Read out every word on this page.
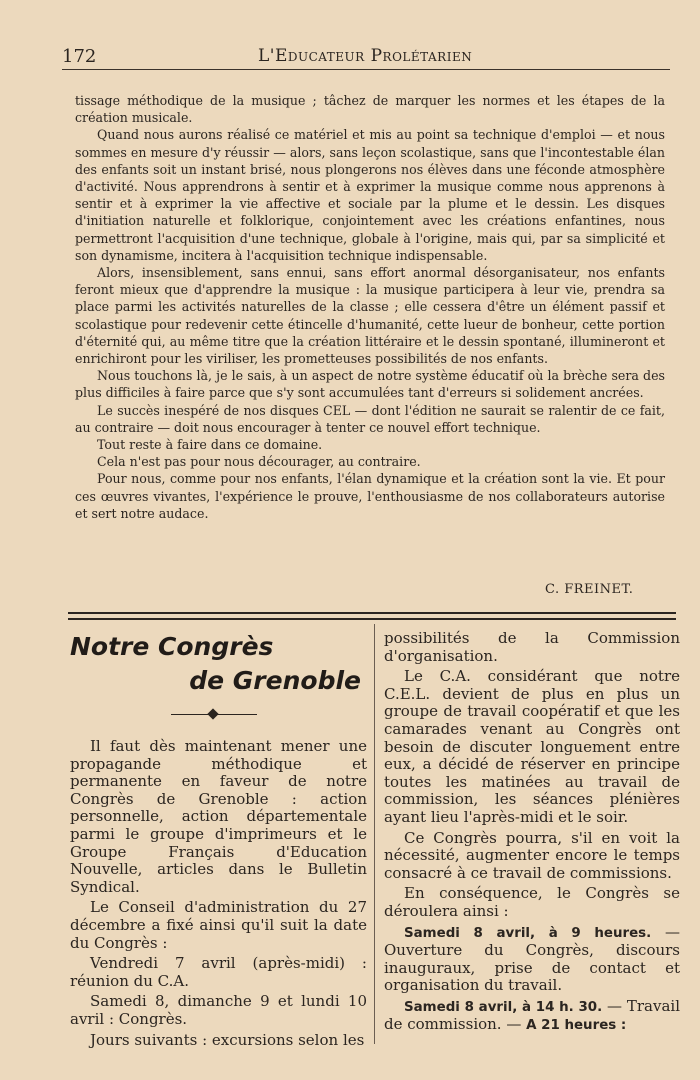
172	L'Educateur Prolétarien

tissage méthodique de la musique ; tâchez de marquer les normes et les étapes de la création musicale.

Quand nous aurons réalisé ce matériel et mis au point sa technique d'emploi — et nous sommes en mesure d'y réussir — alors, sans leçon scolastique, sans que l'incontestable élan des enfants soit un instant brisé, nous plongerons nos élèves dans une féconde atmosphère d'activité. Nous apprendrons à sentir et à exprimer la musique comme nous apprenons à sentir et à exprimer la vie affective et sociale par la plume et le dessin. Les disques d'initiation naturelle et folklorique, conjointement avec les créations enfantines, nous permettront l'acquisition d'une technique, globale à l'origine, mais qui, par sa simplicité et son dynamisme, incitera à l'acquisition technique indispensable.

Alors, insensiblement, sans ennui, sans effort anormal désorganisateur, nos enfants feront mieux que d'apprendre la musique : la musique participera à leur vie, prendra sa place parmi les activités naturelles de la classe ; elle cessera d'être un élément passif et scolastique pour redevenir cette étincelle d'humanité, cette lueur de bonheur, cette portion d'éternité qui, au même titre que la création littéraire et le dessin spontané, illumineront et enrichiront pour les viriliser, les prometteuses possibilités de nos enfants.

Nous touchons là, je le sais, à un aspect de notre système éducatif où la brèche sera des plus difficiles à faire parce que s'y sont accumulées tant d'erreurs si solidement ancrées.

Le succès inespéré de nos disques CEL — dont l'édition ne saurait se ralentir de ce fait, au contraire — doit nous encourager à tenter ce nouvel effort technique.

Tout reste à faire dans ce domaine.

Cela n'est pas pour nous décourager, au contraire.

Pour nous, comme pour nos enfants, l'élan dynamique et la création sont la vie. Et pour ces œuvres vivantes, l'expérience le prouve, l'enthousiasme de nos collaborateurs autorise et sert notre audace.

C. FREINET.
Notre Congrès
de Grenoble

Il faut dès maintenant mener une propagande méthodique et permanente en faveur de notre Congrès de Grenoble : action personnelle, action départementale parmi le groupe d'imprimeurs et le Groupe Français d'Education Nouvelle, articles dans le Bulletin Syndical.

Le Conseil d'administration du 27 décembre a fixé ainsi qu'il suit la date du Congrès :

Vendredi 7 avril (après-midi) : réunion du C.A.

Samedi 8, dimanche 9 et lundi 10 avril : Congrès.

Jours suivants : excursions selon les

possibilités de la Commission d'organisation.

Le C.A. considérant que notre C.E.L. devient de plus en plus un groupe de travail coopératif et que les camarades venant au Congrès ont besoin de discuter longuement entre eux, a décidé de réserver en principe toutes les matinées au travail de commission, les séances plénières ayant lieu l'après-midi et le soir.

Ce Congrès pourra, s'il en voit la nécessité, augmenter encore le temps consacré à ce travail de commissions.

En conséquence, le Congrès se déroulera ainsi :

Samedi 8 avril, à 9 heures. — Ouverture du Congrès, discours inauguraux, prise de contact et organisation du travail.

Samedi 8 avril, à 14 h. 30. — Travail de commission. — A 21 heures :
